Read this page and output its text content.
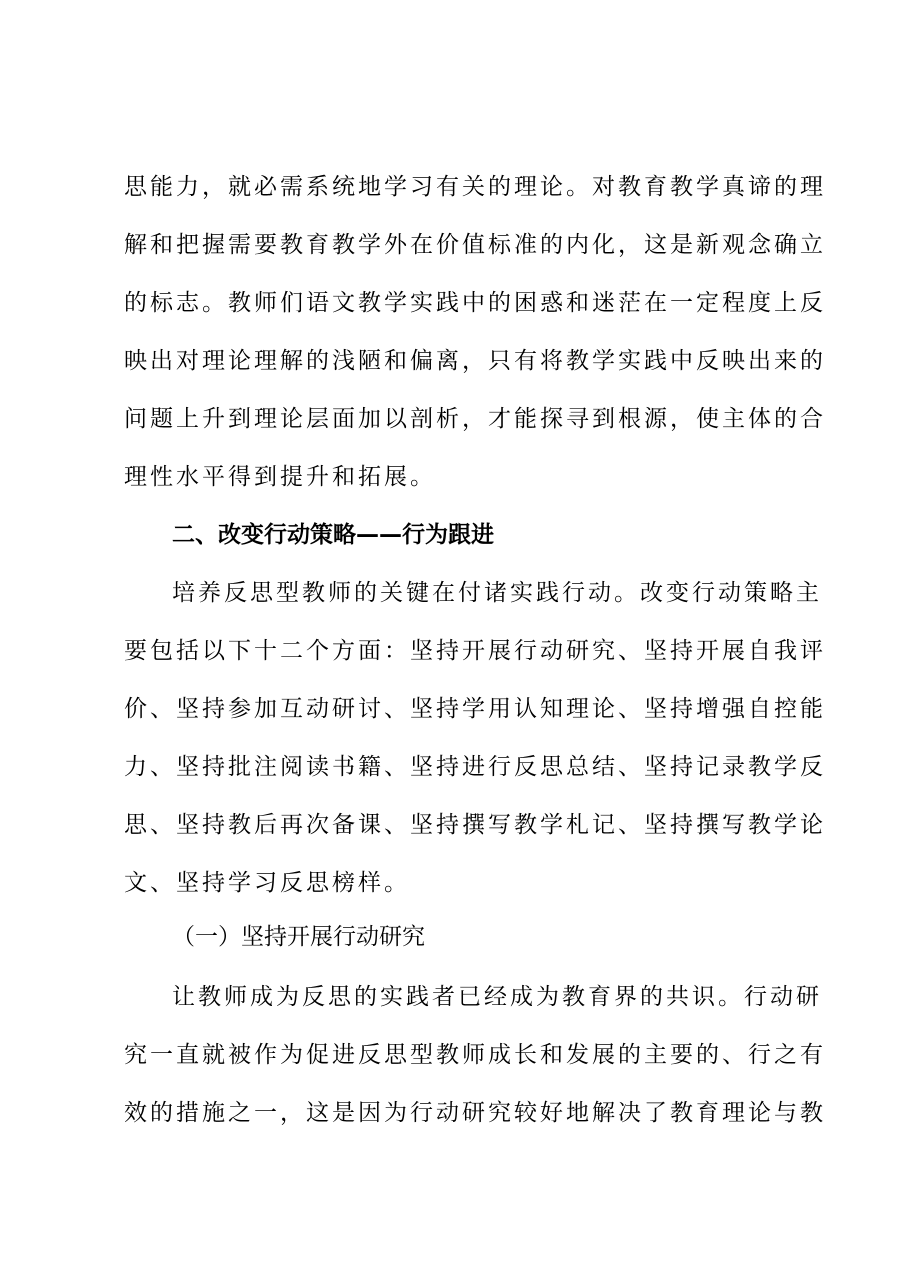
思能力，就必需系统地学习有关的理论。对教育教学真谛的理
解和把握需要教育教学外在价值标准的内化，这是新观念确立
的标志。教师们语文教学实践中的困惑和迷茫在一定程度上反
映出对理论理解的浅陋和偏离，只有将教学实践中反映出来的
问题上升到理论层面加以剖析，才能探寻到根源，使主体的合
理性水平得到提升和拓展。
二、改变行动策略——行为跟进
培养反思型教师的关键在付诸实践行动。改变行动策略主
要包括以下十二个方面：坚持开展行动研究、坚持开展自我评
价、坚持参加互动研讨、坚持学用认知理论、坚持增强自控能
力、坚持批注阅读书籍、坚持进行反思总结、坚持记录教学反
思、坚持教后再次备课、坚持撰写教学札记、坚持撰写教学论
文、坚持学习反思榜样。
（一）坚持开展行动研究
让教师成为反思的实践者已经成为教育界的共识。行动研
究一直就被作为促进反思型教师成长和发展的主要的、行之有
效的措施之一，这是因为行动研究较好地解决了教育理论与教
